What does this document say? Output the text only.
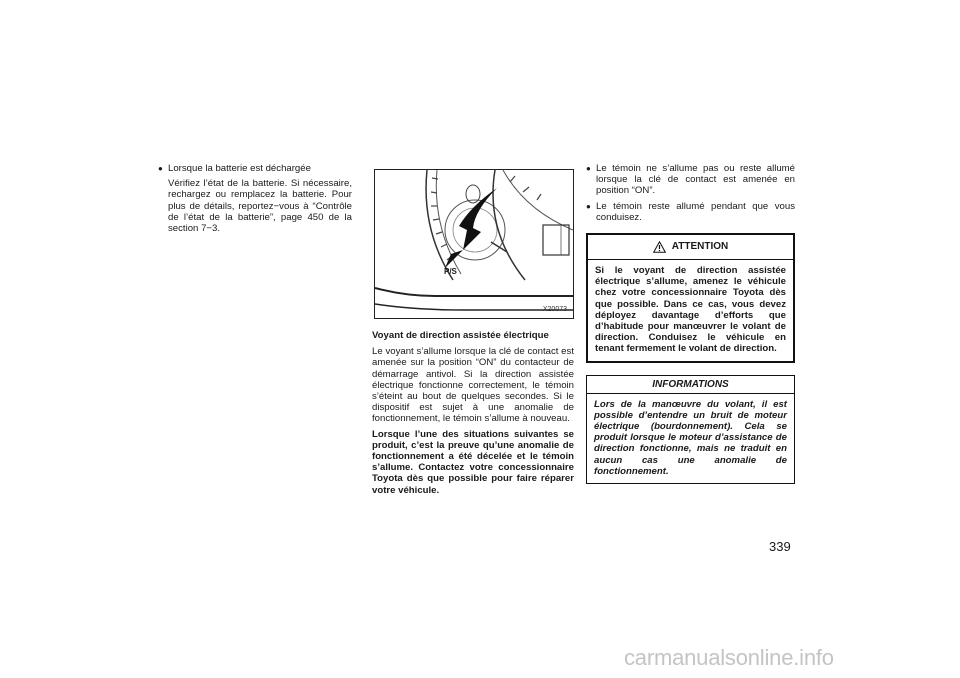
● Lorsque la batterie est déchargée
Vérifiez l’état de la batterie. Si nécessaire, rechargez ou remplacez la batterie. Pour plus de détails, reportez−vous à “Contrôle de l’état de la batterie”, page 450 de la section 7−3.
P/S
X20073
Voyant de direction assistée électrique
Le voyant s’allume lorsque la clé de contact est amenée sur la position “ON” du contacteur de démarrage antivol. Si la direction assistée électrique fonctionne correctement, le témoin s’éteint au bout de quelques secondes. Si le dispositif est sujet à une anomalie de fonctionnement, le témoin s’allume à nouveau.
Lorsque l’une des situations suivantes se produit, c’est la preuve qu’une anomalie de fonctionnement a été décelée et le témoin s’allume. Contactez votre concessionnaire Toyota dès que possible pour faire réparer votre véhicule.
● Le témoin ne s’allume pas ou reste allumé lorsque la clé de contact est amenée en position “ON”.
● Le témoin reste allumé pendant que vous conduisez.
ATTENTION
Si le voyant de direction assistée électrique s’allume, amenez le véhicule chez votre concessionnaire Toyota dès que possible. Dans ce cas, vous devez déployez davantage d’efforts que d’habitude pour manœuvrer le volant de direction. Conduisez le véhicule en tenant fermement le volant de direction.
INFORMATIONS
Lors de la manœuvre du volant, il est possible d’entendre un bruit de moteur électrique (bourdonnement). Cela se produit lorsque le moteur d’assistance de direction fonctionne, mais ne traduit en aucun cas une anomalie de fonctionnement.
339
carmanualsonline.info
